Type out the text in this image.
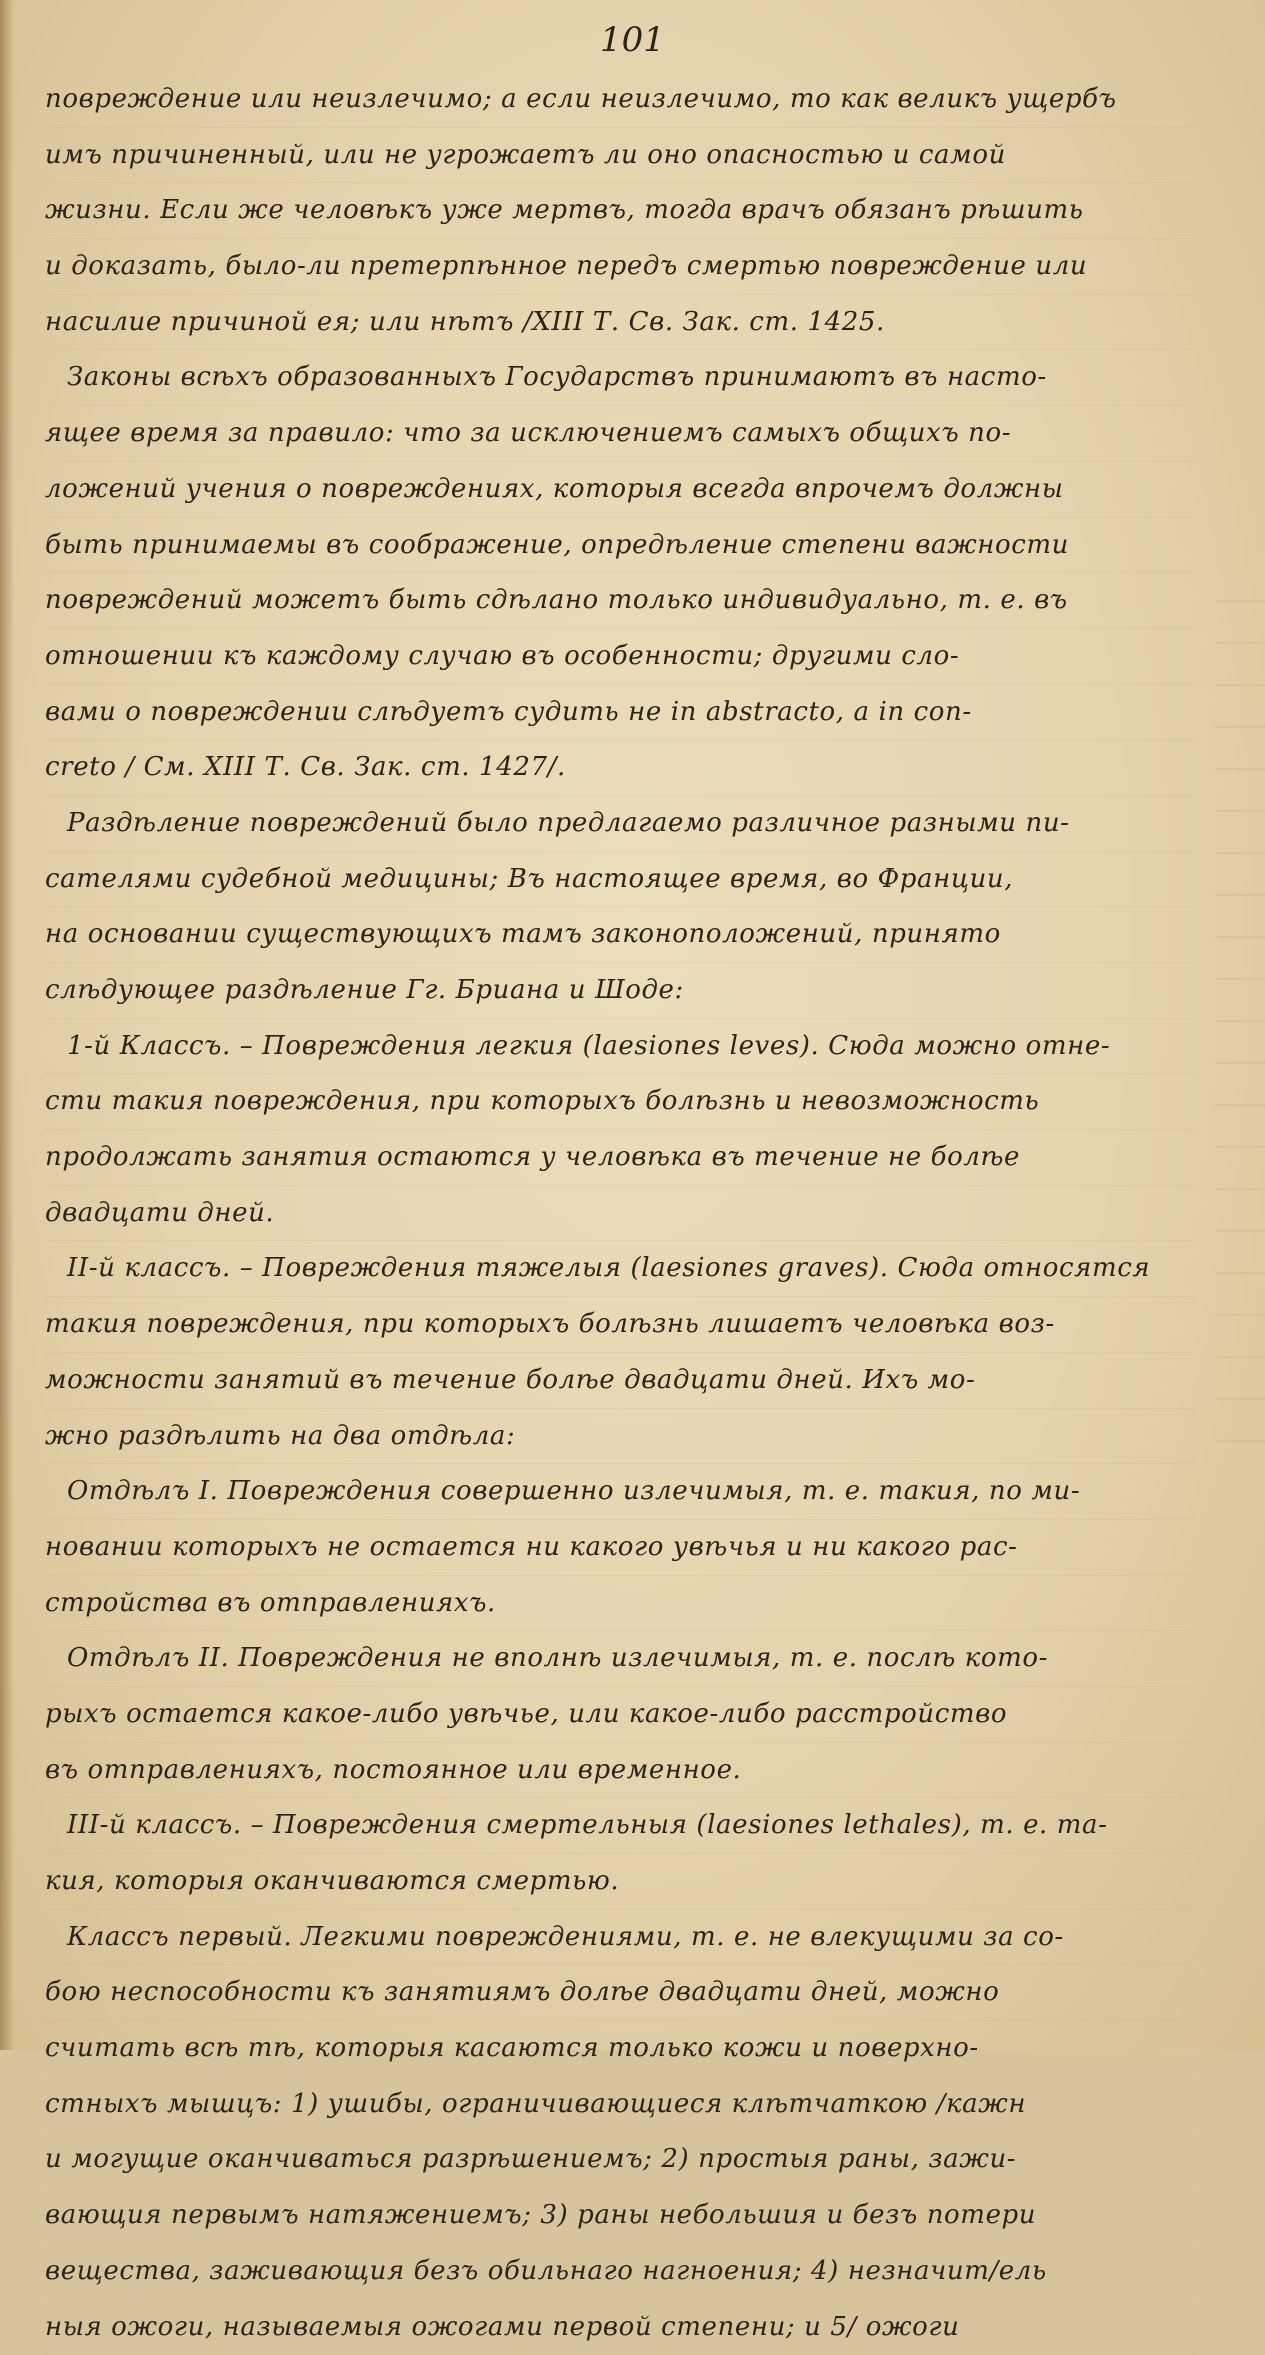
101
повреждение или неизлечимо; а если неизлечимо, то как великъ ущербъ
имъ причиненный, или не угрожаетъ ли оно опасностью и самой
жизни. Если же человѣкъ уже мертвъ, тогда врачъ обязанъ рѣшить
и доказать, было-ли претерпѣнное передъ смертью повреждение или
насилие причиной ея; или нѣтъ /XIII Т. Св. Зак. ст. 1425.
Законы всѣхъ образованныхъ Государствъ принимаютъ въ насто-
ящее время за правило: что за исключениемъ самыхъ общихъ по-
ложений учения о повреждениях, которыя всегда впрочемъ должны
быть принимаемы въ соображение, опредѣление степени важности
повреждений можетъ быть сдѣлано только индивидуально, т. е. въ
отношении къ каждому случаю въ особенности; другими сло-
вами о повреждении слѣдуетъ судить не in abstracto, а in con-
creto / См. XIII Т. Св. Зак. ст. 1427/.
Раздѣление повреждений было предлагаемо различное разными пи-
сателями судебной медицины; Въ настоящее время, во Франции,
на основании существующихъ тамъ законоположений, принято
слѣдующее раздѣление Гг. Бриана и Шоде:
1-й Классъ. – Повреждения легкия (laesiones leves). Сюда можно отне-
сти такия повреждения, при которыхъ болѣзнь и невозможность
продолжать занятия остаются у человѣка въ течение не болѣе
двадцати дней.
II-й классъ. – Повреждения тяжелыя (laesiones graves). Сюда относятся
такия повреждения, при которыхъ болѣзнь лишаетъ человѣка воз-
можности занятий въ течение болѣе двадцати дней. Ихъ мо-
жно раздѣлить на два отдѣла:
Отдѣлъ I. Повреждения совершенно излечимыя, т. е. такия, по ми-
новании которыхъ не остается ни какого увѣчья и ни какого рас-
стройства въ отправленияхъ.
Отдѣлъ II. Повреждения не вполнѣ излечимыя, т. е. послѣ кото-
рыхъ остается какое-либо увѣчье, или какое-либо расстройство
въ отправленияхъ, постоянное или временное.
III-й классъ. – Повреждения смертельныя (laesiones lethales), т. е. та-
кия, которыя оканчиваются смертью.
Классъ первый. Легкими повреждениями, т. е. не влекущими за со-
бою неспособности къ занятиямъ долѣе двадцати дней, можно
считать всѣ тѣ, которыя касаются только кожи и поверхно-
стныхъ мышцъ: 1) ушибы, ограничивающиеся клѣтчаткою /кажн
и могущие оканчиваться разрѣшениемъ; 2) простыя раны, зажи-
вающия первымъ натяжениемъ; 3) раны небольшия и безъ потери
вещества, заживающия безъ обильнаго нагноения; 4) незначит/ель
ныя ожоги, называемыя ожогами первой степени; и 5/ ожоги
